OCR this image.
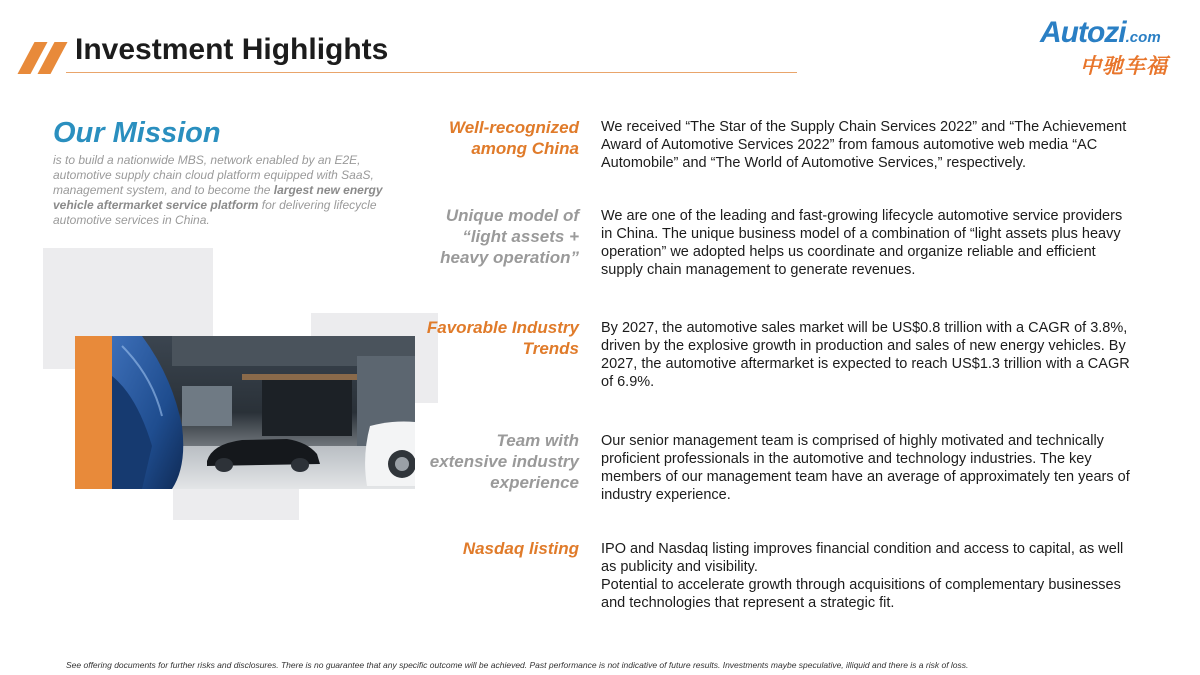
Investment Highlights
Autozi.com
中驰车福
Our Mission
is to build a nationwide MBS, network enabled by an E2E, automotive supply chain cloud platform equipped with SaaS, management system, and to become the largest new energy vehicle aftermarket service platform for delivering lifecycle automotive services in China.
Well-recognized among China
We received “The Star of the Supply Chain Services 2022” and “The Achievement Award of Automotive Services 2022” from famous automotive web media “AC Automobile” and “The World of Automotive Services,” respectively.
Unique model of “light assets + heavy operation”
We are one of the leading and fast-growing lifecycle automotive service providers in China. The unique business model of a combination of “light assets plus heavy operation” we adopted helps us coordinate and organize reliable and efficient supply chain management to generate revenues.
Favorable Industry Trends
By 2027, the automotive sales market will be US$0.8 trillion with a CAGR of 3.8%, driven by the explosive growth in production and sales of new energy vehicles. By 2027, the automotive aftermarket is expected to reach US$1.3 trillion with a CAGR of 6.9%.
Team with extensive industry experience
Our senior management team is comprised of highly motivated and technically proficient professionals in the automotive and technology industries. The key members of our management team have an average of approximately ten years of industry experience.
Nasdaq listing IPO and Nasdaq listing improves financial condition and access to capital, as well as publicity and visibility.
Potential to accelerate growth through acquisitions of complementary businesses and technologies that represent a strategic fit.
See offering documents for further risks and disclosures. There is no guarantee that any specific outcome will be achieved. Past performance is not indicative of future results. Investments maybe speculative, illiquid and there is a risk of loss.
